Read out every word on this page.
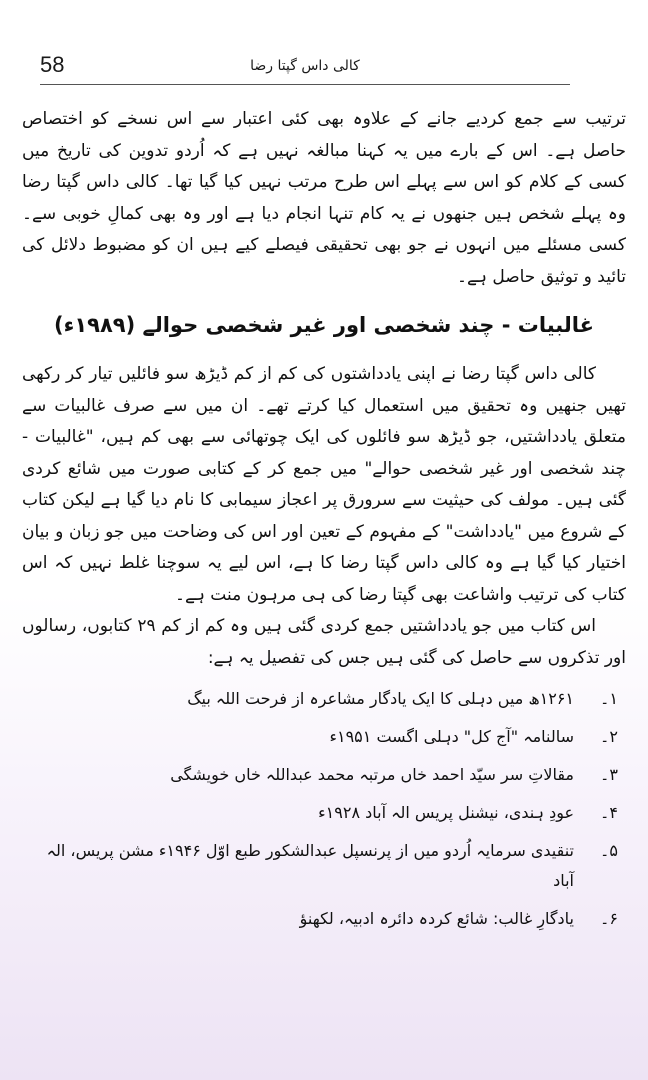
58	کالی داس گپتا رضا

ترتیب سے جمع کردیے جانے کے علاوہ بھی کئی اعتبار سے اس نسخے کو اختصاص حاصل ہے۔ اس کے بارے میں یہ کہنا مبالغہ نہیں ہے کہ اُردو تدوین کی تاریخ میں کسی کے کلام کو اس سے پہلے اس طرح مرتب نہیں کیا گیا تھا۔ کالی داس گپتا رضا وہ پہلے شخص ہیں جنھوں نے یہ کام تنہا انجام دیا ہے اور وہ بھی کمالِ خوبی سے۔ کسی مسئلے میں انہوں نے جو بھی تحقیقی فیصلے کیے ہیں ان کو مضبوط دلائل کی تائید و توثیق حاصل ہے۔

غالبیات - چند شخصی اور غیر شخصی حوالے (۱۹۸۹ء)

کالی داس گپتا رضا نے اپنی یادداشتوں کی کم از کم ڈیڑھ سو فائلیں تیار کر رکھی تھیں جنھیں وہ تحقیق میں استعمال کیا کرتے تھے۔ ان میں سے صرف غالبیات سے متعلق یادداشتیں، جو ڈیڑھ سو فائلوں کی ایک چوتھائی سے بھی کم ہیں، "غالبیات - چند شخصی اور غیر شخصی حوالے" میں جمع کر کے کتابی صورت میں شائع کردی گئی ہیں۔ مولف کی حیثیت سے سرورق پر اعجاز سیمابی کا نام دیا گیا ہے لیکن کتاب کے شروع میں "یادداشت" کے مفہوم کے تعین اور اس کی وضاحت میں جو زبان و بیان اختیار کیا گیا ہے وہ کالی داس گپتا رضا کا ہے، اس لیے یہ سوچنا غلط نہیں کہ اس کتاب کی ترتیب واشاعت بھی گپتا رضا کی ہی مرہون منت ہے۔

اس کتاب میں جو یادداشتیں جمع کردی گئی ہیں وہ کم از کم ۲۹ کتابوں، رسالوں اور تذکروں سے حاصل کی گئی ہیں جس کی تفصیل یہ ہے:

۱۔
۱۲۶۱ھ میں دہلی کا ایک یادگار مشاعرہ از فرحت اللہ بیگ
۲۔
سالنامہ "آج کل" دہلی اگست ۱۹۵۱ء
۳۔
مقالاتِ سر سیّد احمد خاں مرتبہ محمد عبداللہ خاں خویشگی
۴۔
عودِ ہندی، نیشنل پریس الہ آباد ۱۹۲۸ء
۵۔
تنقیدی سرمایہ اُردو میں از پرنسپل عبدالشکور طبع اوّل ۱۹۴۶ء مشن پریس، الہ آباد
۶۔
یادگارِ غالب: شائع کردہ دائرہ ادبیہ، لکھنؤ
